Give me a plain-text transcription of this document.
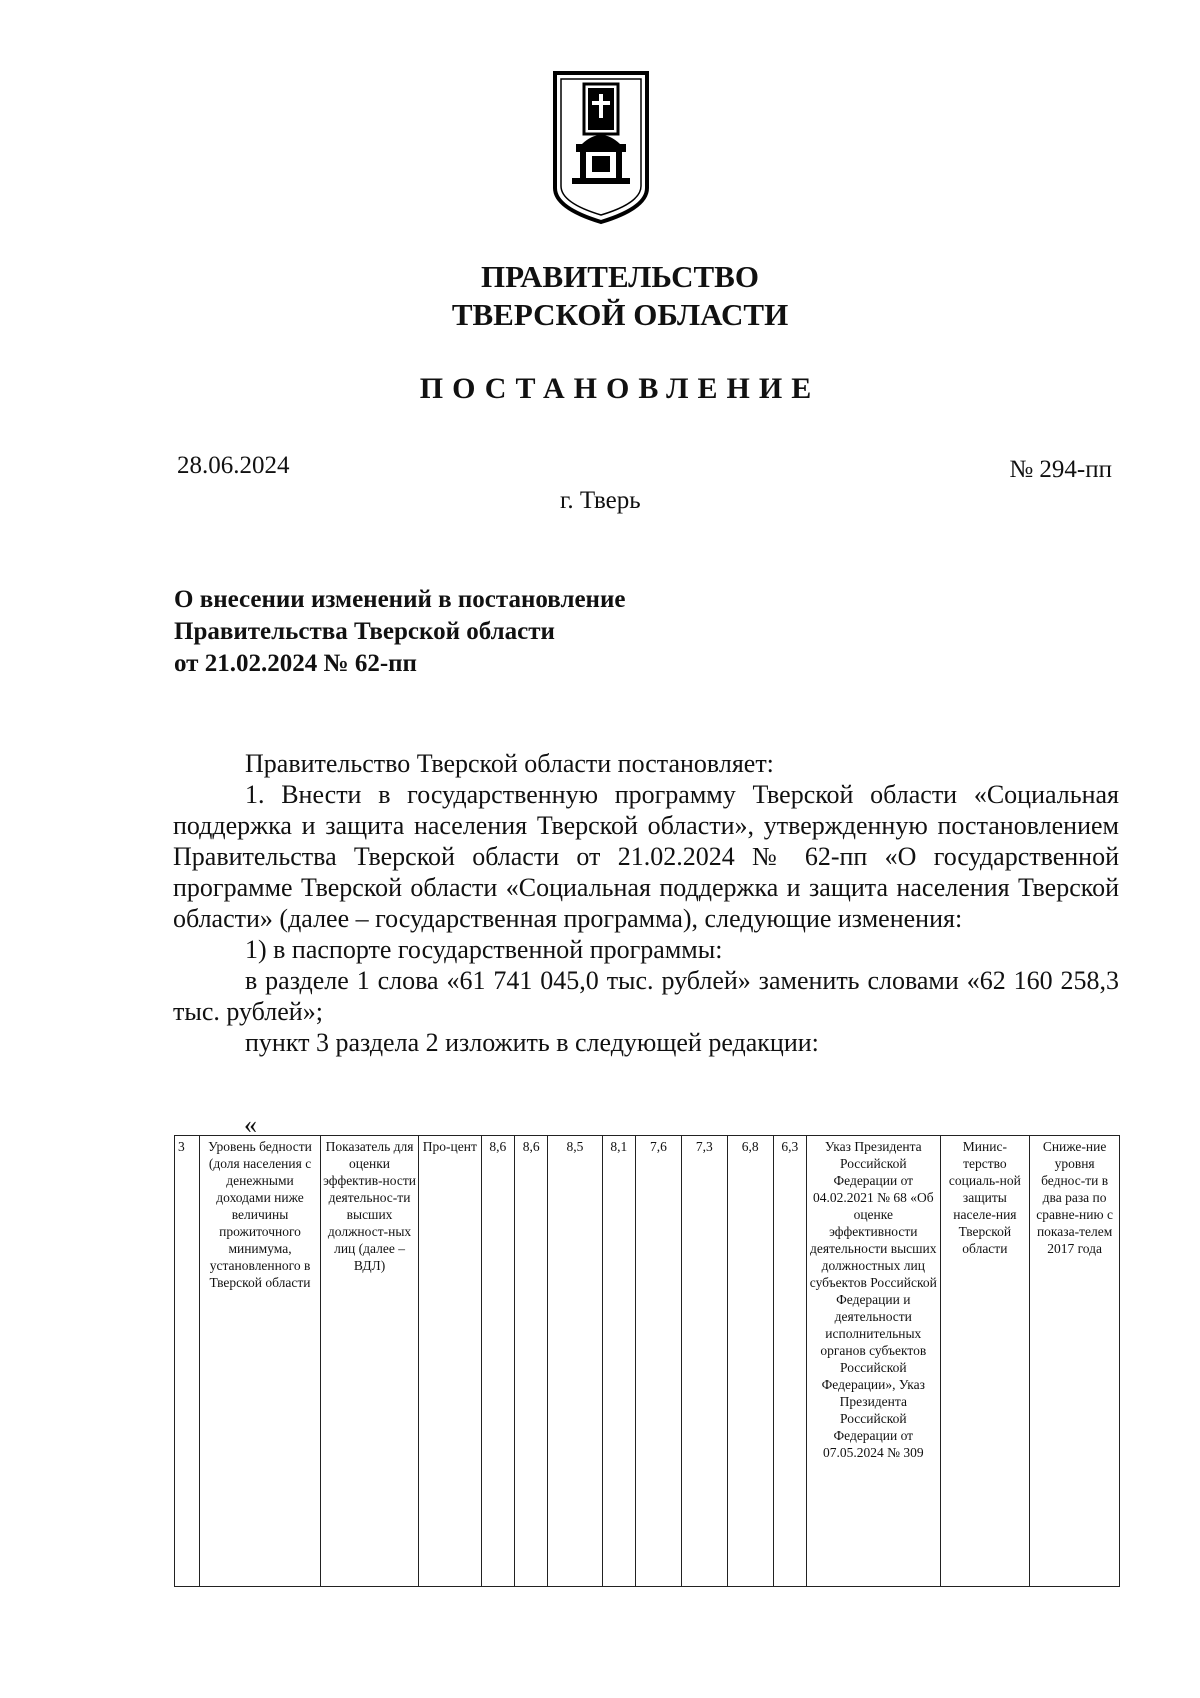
ПРАВИТЕЛЬСТВО
ТВЕРСКОЙ ОБЛАСТИ
ПОСТАНОВЛЕНИЕ
28.06.2024	№ 294-пп
г. Тверь
О внесении изменений в постановление
Правительства Тверской области
от 21.02.2024 № 62-пп

Правительство Тверской области постановляет:

1. Внести в государственную программу Тверской области «Социальная поддержка и защита населения Тверской области», утвержденную постановлением Правительства Тверской области от 21.02.2024 № 62-пп «О государственной программе Тверской области «Социальная поддержка и защита населения Тверской области» (далее – государственная программа), следующие изменения:

1) в паспорте государственной программы:

в разделе 1 слова «61 741 045,0 тыс. рублей» заменить словами «62 160 258,3 тыс. рублей»;

пункт 3 раздела 2 изложить в следующей редакции:

«
3	Уровень бедности (доля населения с денежными доходами ниже величины прожиточного минимума, установленного в Тверской области	Показатель для оценки эффектив-ности деятельнос-ти высших должност-ных лиц (далее – ВДЛ)	Про-цент	8,6	8,6	8,5	8,1	7,6	7,3	6,8	6,3	Указ Президента Российской Федерации от 04.02.2021 № 68 «Об оценке эффективности деятельности высших должностных лиц субъектов Российской Федерации и деятельности исполнительных органов субъектов Российской Федерации», Указ Президента Российской Федерации от 07.05.2024 № 309	Минис-терство социаль-ной защиты населе-ния Тверской области	Сниже-ние уровня беднос-ти в два раза по сравне-нию с показа-телем 2017 года
